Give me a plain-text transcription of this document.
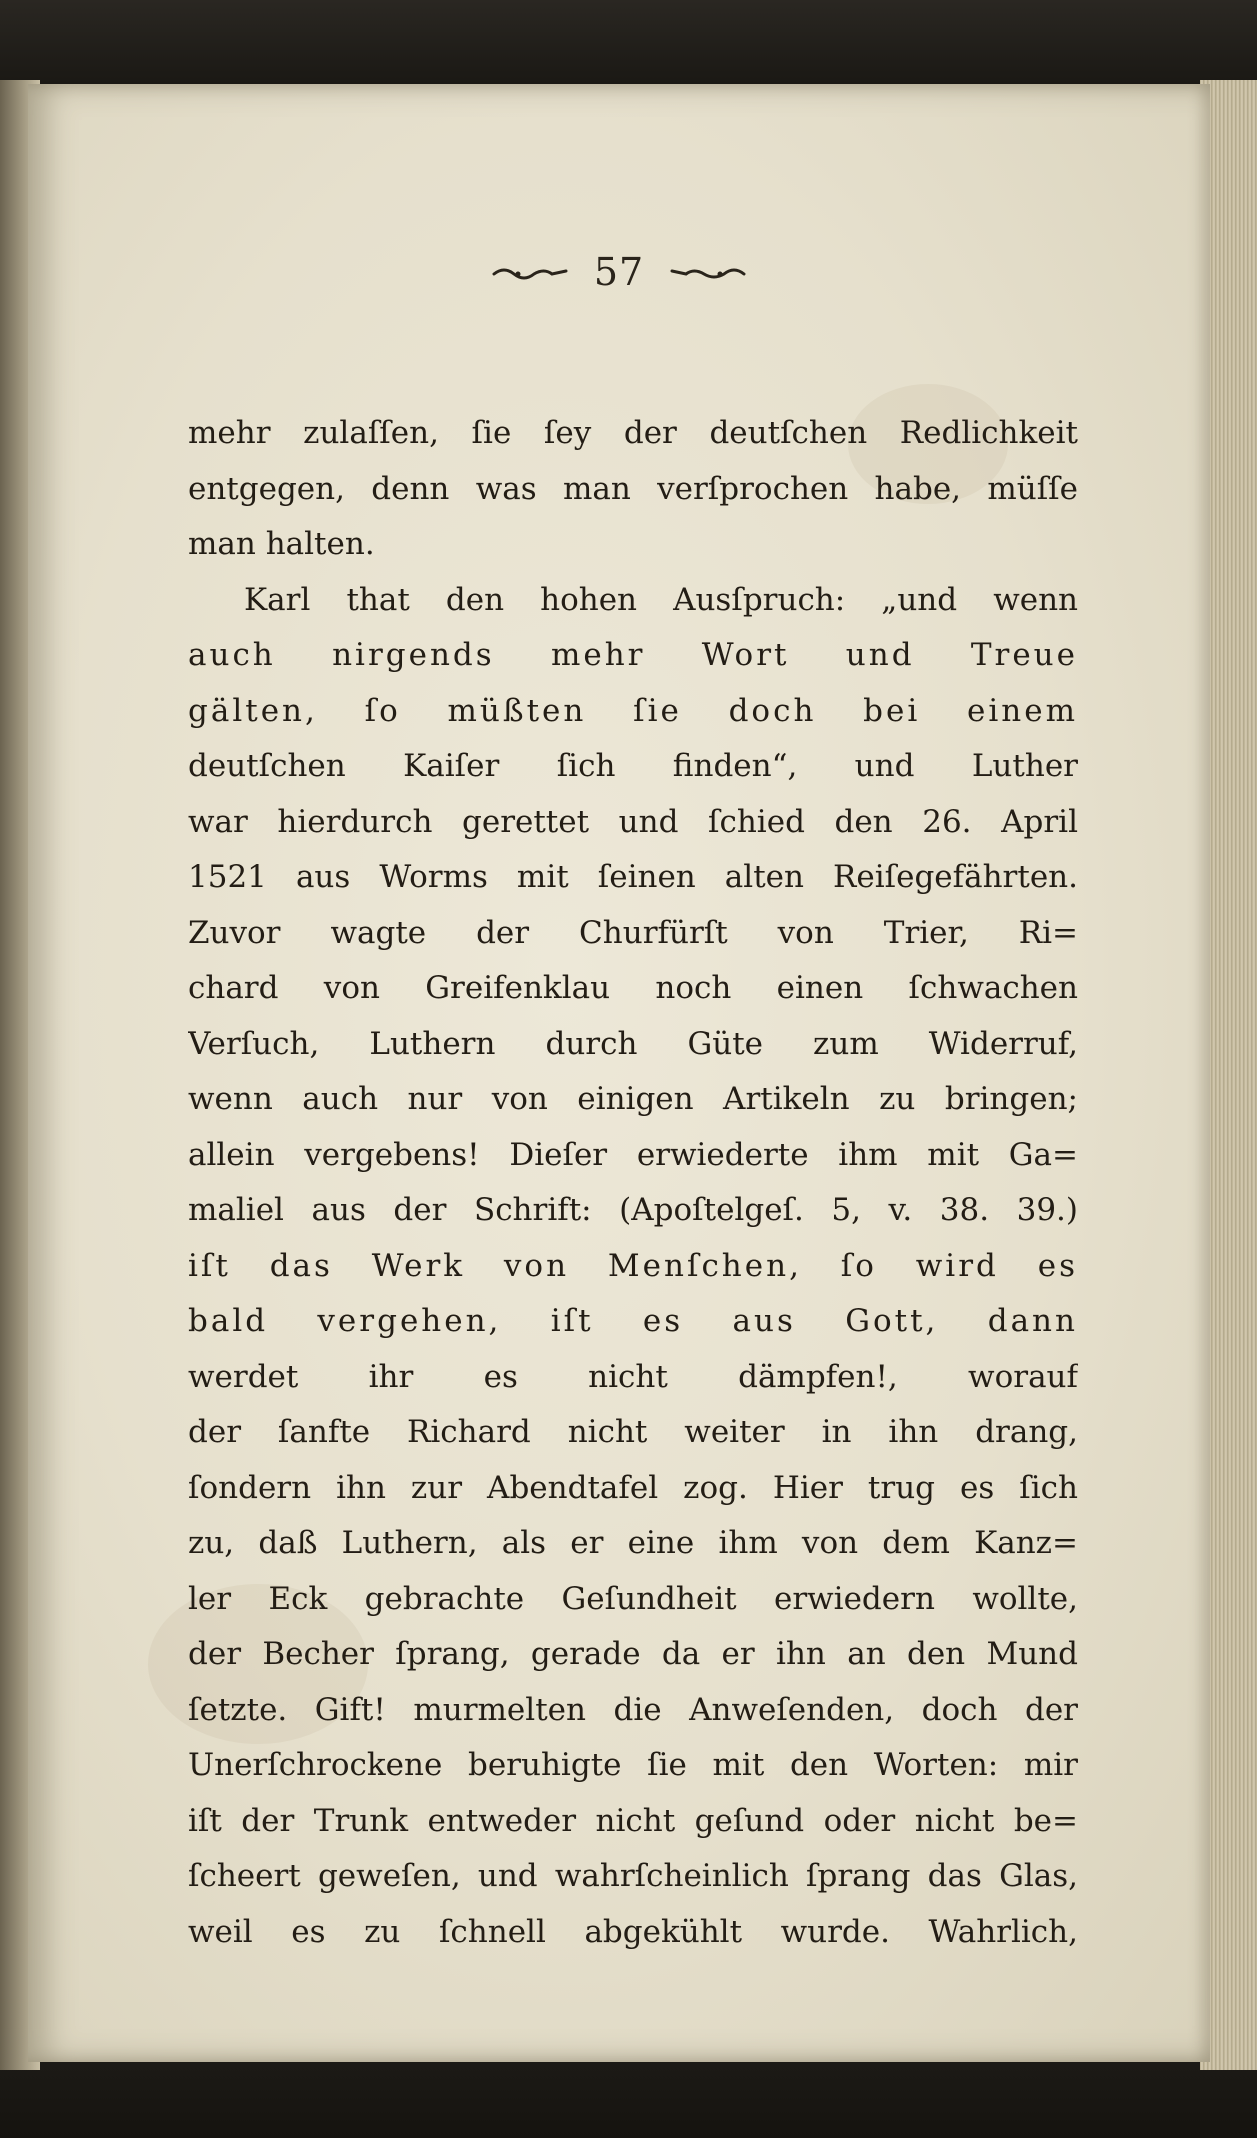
57
mehr zulaſſen, ſie ſey der deutſchen Redlichkeit
entgegen, denn was man verſprochen habe, müſſe
man halten.
Karl that den hohen Ausſpruch: „und wenn
auch nirgends mehr Wort und Treue
gälten, ſo müßten ſie doch bei einem
deutſchen Kaiſer ſich finden“, und Luther
war hierdurch gerettet und ſchied den 26. April
1521 aus Worms mit ſeinen alten Reiſegefährten.
Zuvor wagte der Churfürſt von Trier, Ri=
chard von Greifenklau noch einen ſchwachen
Verſuch, Luthern durch Güte zum Widerruf,
wenn auch nur von einigen Artikeln zu bringen;
allein vergebens! Dieſer erwiederte ihm mit Ga=
maliel aus der Schrift: (Apoſtelgeſ. 5, v. 38. 39.)
iſt das Werk von Menſchen, ſo wird es
bald vergehen, iſt es aus Gott, dann
werdet ihr es nicht dämpfen!, worauf
der ſanfte Richard nicht weiter in ihn drang,
ſondern ihn zur Abendtafel zog. Hier trug es ſich
zu, daß Luthern, als er eine ihm von dem Kanz=
ler Eck gebrachte Geſundheit erwiedern wollte,
der Becher ſprang, gerade da er ihn an den Mund
ſetzte. Gift! murmelten die Anweſenden, doch der
Unerſchrockene beruhigte ſie mit den Worten: mir
iſt der Trunk entweder nicht geſund oder nicht be=
ſcheert geweſen, und wahrſcheinlich ſprang das Glas,
weil es zu ſchnell abgekühlt wurde. Wahrlich,
